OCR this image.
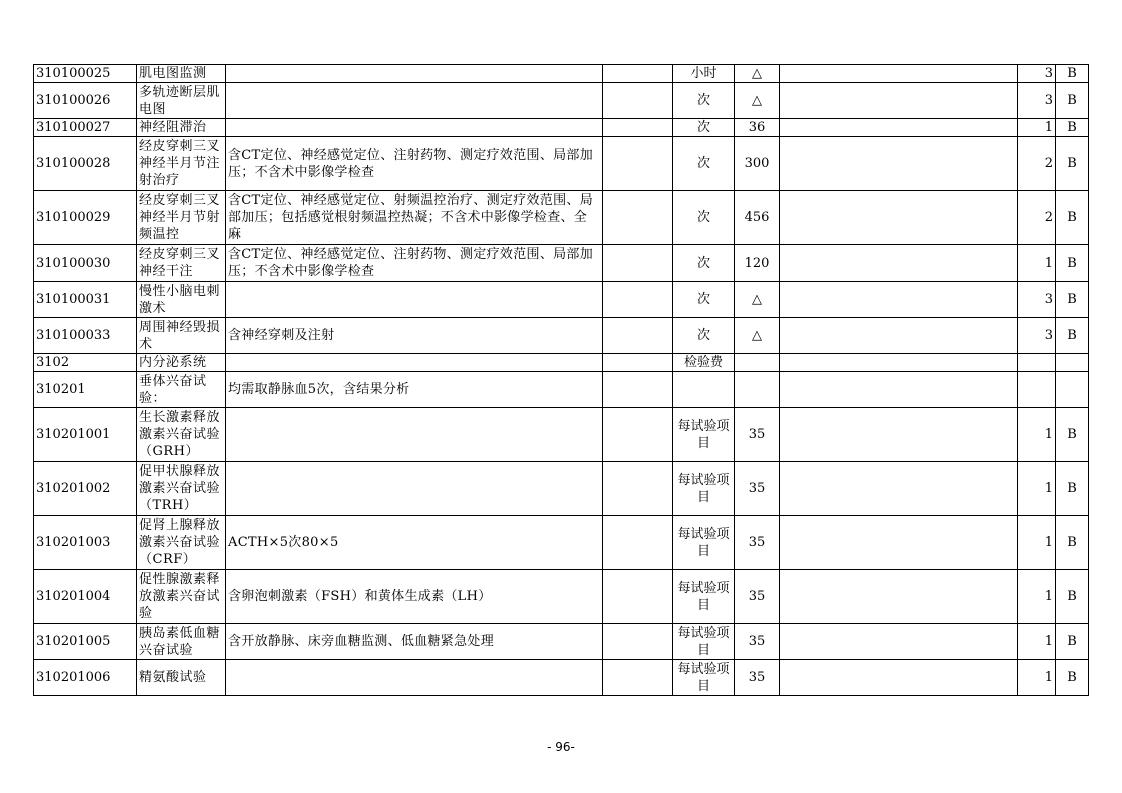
310100025	肌电图监测			小时	△		3	B
310100026	多轨迹断层肌电图			次	△		3	B
310100027	神经阻滞治			次	36		1	B
310100028	经皮穿刺三叉神经半月节注射治疗	含CT定位、神经感觉定位、注射药物、测定疗效范围、局部加压；不含术中影像学检查		次	300		2	B
310100029	经皮穿刺三叉神经半月节射频温控	含CT定位、神经感觉定位、射频温控治疗、测定疗效范围、局部加压；包括感觉根射频温控热凝；不含术中影像学检查、全麻		次	456		2	B
310100030	经皮穿刺三叉神经干注	含CT定位、神经感觉定位、注射药物、测定疗效范围、局部加压；不含术中影像学检查		次	120		1	B
310100031	慢性小脑电刺激术			次	△		3	B
310100033	周围神经毁损术	含神经穿刺及注射		次	△		3	B
3102	内分泌系统			检验费				
310201	垂体兴奋试验：	均需取静脉血5次，含结果分析						
310201001	生长激素释放激素兴奋试验（GRH）			每试验项目	35		1	B
310201002	促甲状腺释放激素兴奋试验（TRH）			每试验项目	35		1	B
310201003	促肾上腺释放激素兴奋试验（CRF）	ACTH×5次80×5		每试验项目	35		1	B
310201004	促性腺激素释放激素兴奋试验	含卵泡刺激素（FSH）和黄体生成素（LH）		每试验项目	35		1	B
310201005	胰岛素低血糖兴奋试验	含开放静脉、床旁血糖监测、低血糖紧急处理		每试验项目	35		1	B
310201006	精氨酸试验			每试验项目	35		1	B
- 96-
